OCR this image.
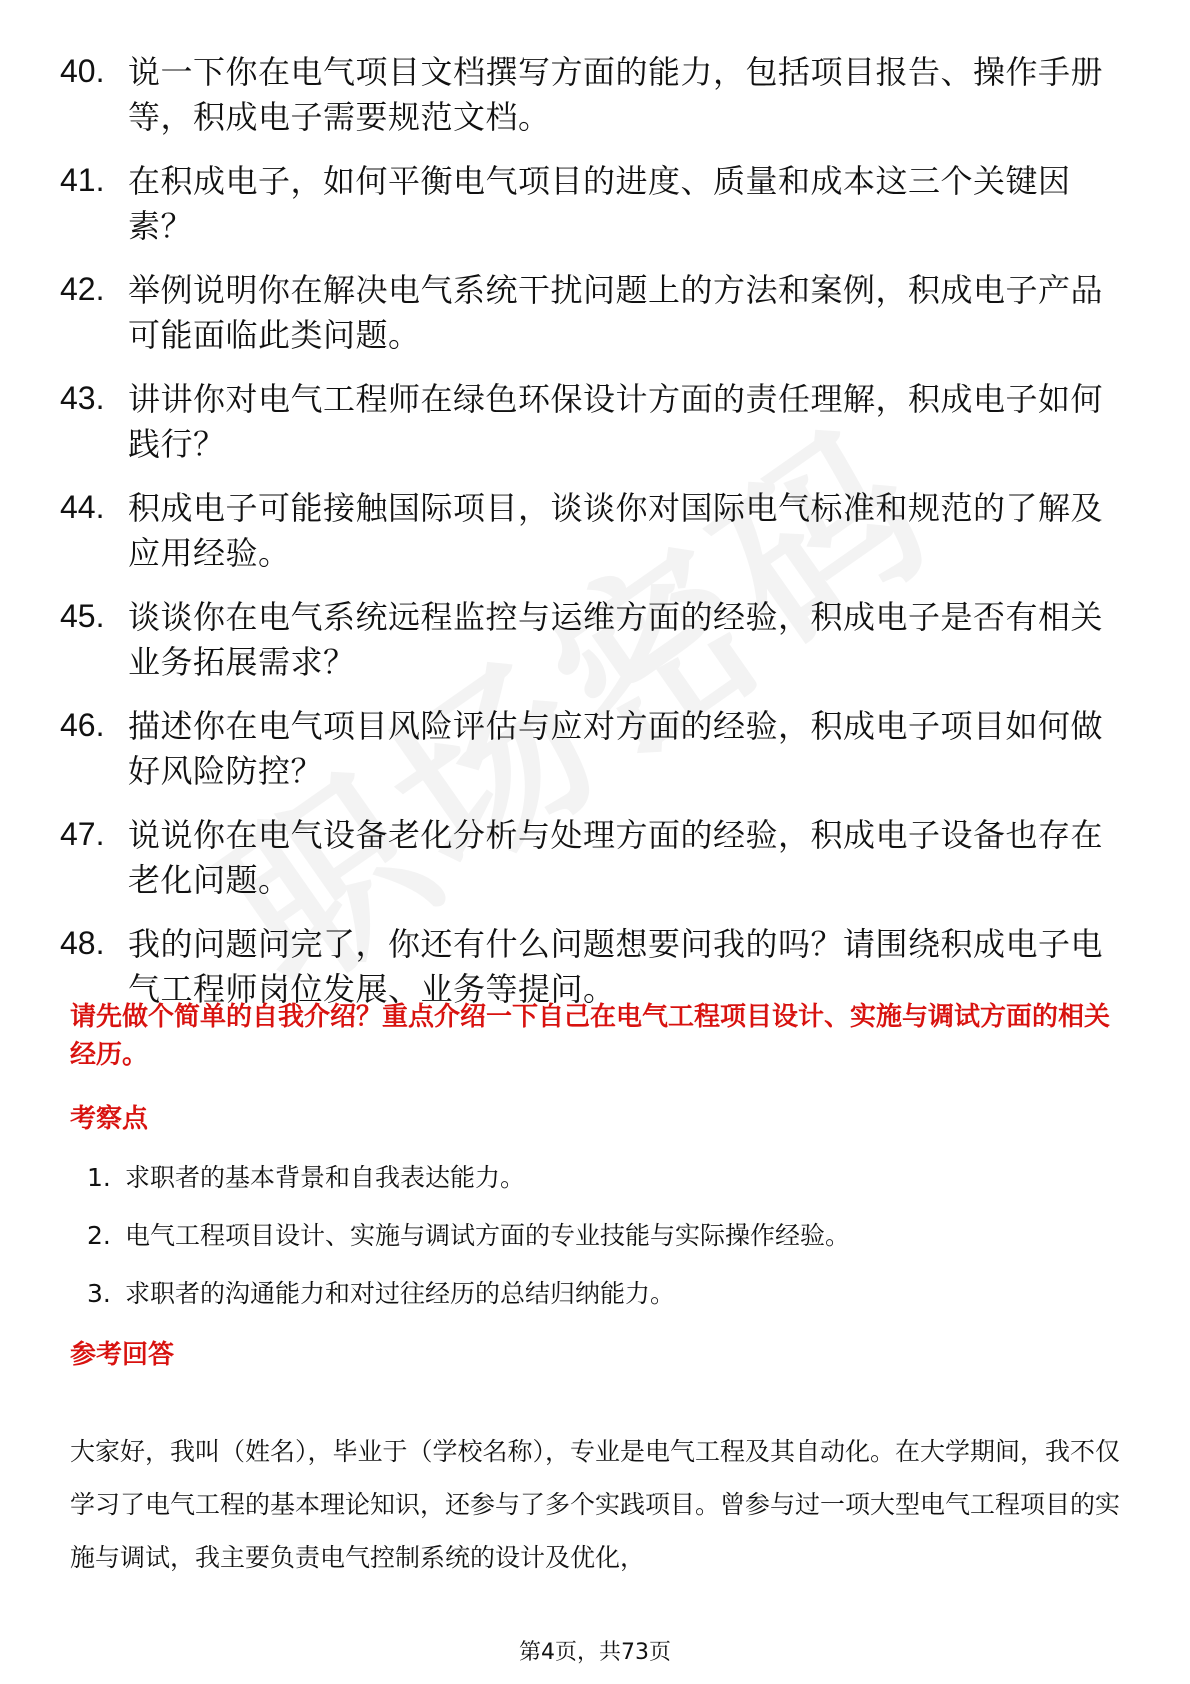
40. 说一下你在电气项目文档撰写方面的能力，包括项目报告、操作手册等，积成电子需要规范文档。
41. 在积成电子，如何平衡电气项目的进度、质量和成本这三个关键因素？
42. 举例说明你在解决电气系统干扰问题上的方法和案例，积成电子产品可能面临此类问题。
43. 讲讲你对电气工程师在绿色环保设计方面的责任理解，积成电子如何践行？
44. 积成电子可能接触国际项目，谈谈你对国际电气标准和规范的了解及应用经验。
45. 谈谈你在电气系统远程监控与运维方面的经验，积成电子是否有相关业务拓展需求？
46. 描述你在电气项目风险评估与应对方面的经验，积成电子项目如何做好风险防控？
47. 说说你在电气设备老化分析与处理方面的经验，积成电子设备也存在老化问题。
48. 我的问题问完了，你还有什么问题想要问我的吗？请围绕积成电子电气工程师岗位发展、业务等提问。
请先做个简单的自我介绍？重点介绍一下自己在电气工程项目设计、实施与调试方面的相关经历。
考察点
1. 求职者的基本背景和自我表达能力。
2. 电气工程项目设计、实施与调试方面的专业技能与实际操作经验。
3. 求职者的沟通能力和对过往经历的总结归纳能力。
参考回答
大家好，我叫（姓名），毕业于（学校名称），专业是电气工程及其自动化。在大学期间，我不仅学习了电气工程的基本理论知识，还参与了多个实践项目。曾参与过一项大型电气工程项目的实施与调试，我主要负责电气控制系统的设计及优化，
第4页，共73页
